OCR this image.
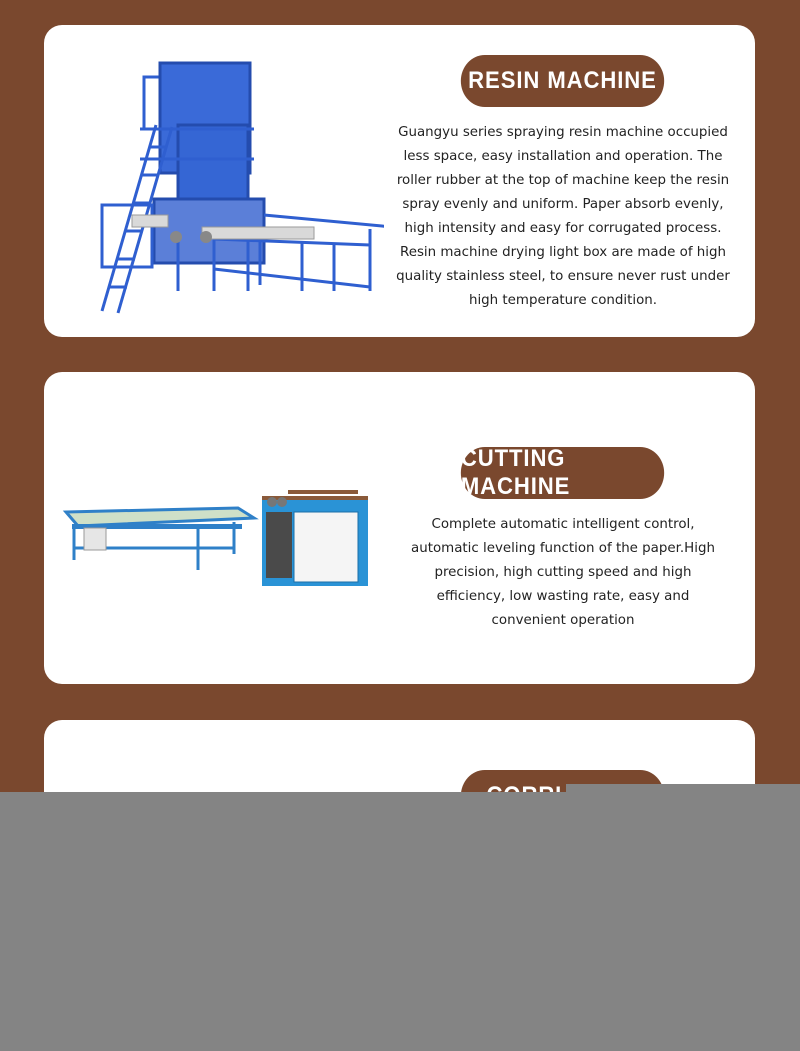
RESIN MACHINE
Guangyu series spraying resin machine occupied less space, easy installation and operation. The roller rubber at the top of machine keep the resin spray evenly and uniform. Paper absorb evenly, high intensity and easy for corrugated process.
Resin machine drying light box are made of high quality stainless steel, to ensure never rust under high temperature condition.
CUTTING MACHINE
Complete automatic intelligent control, automatic leveling function of the paper.High precision, high cutting speed and high efficiency, low wasting rate, easy and convenient operation
